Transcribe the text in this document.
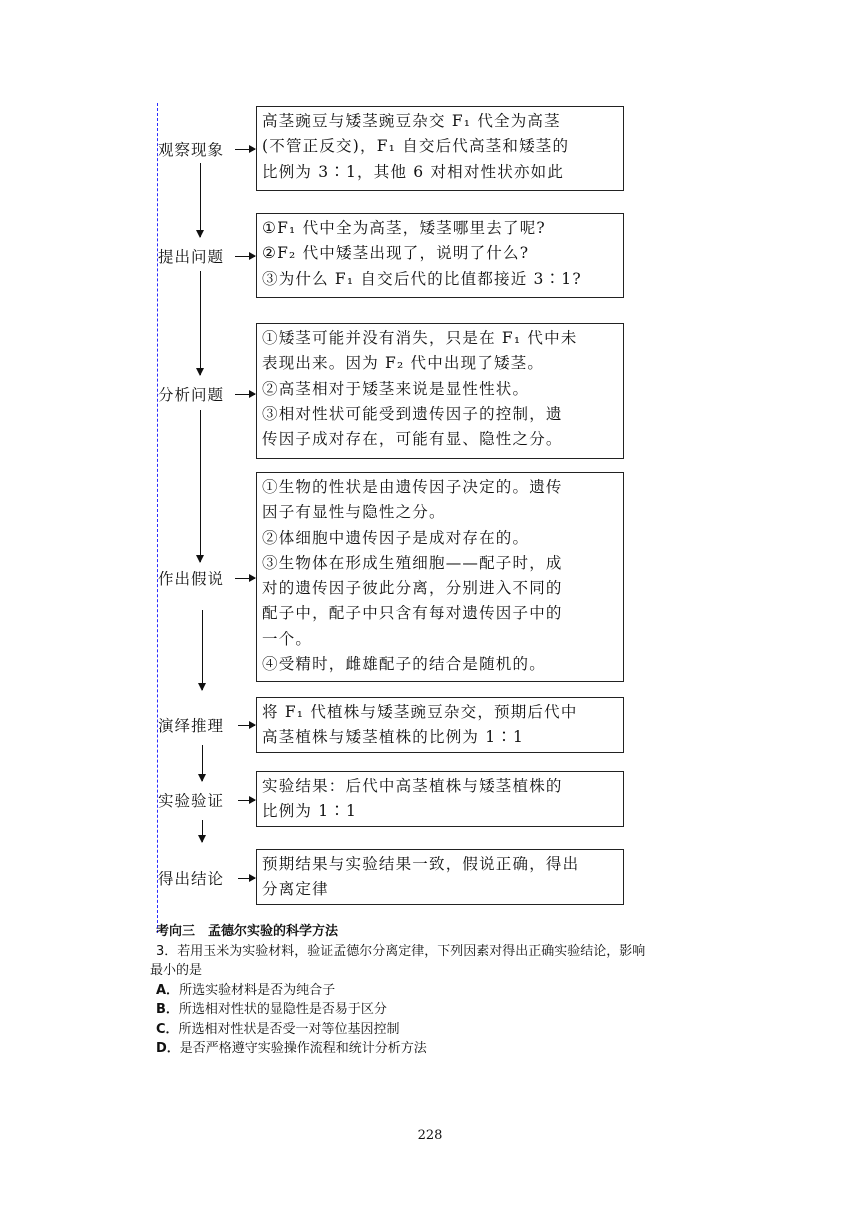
观察现象
提出问题
分析问题
作出假说
演绎推理
实验验证
得出结论

高茎豌豆与矮茎豌豆杂交 F₁ 代全为高茎

(不管正反交)，F₁ 自交后代高茎和矮茎的

比例为 3∶1，其他 6 对相对性状亦如此

①F₁ 代中全为高茎，矮茎哪里去了呢?

②F₂ 代中矮茎出现了，说明了什么?

③为什么 F₁ 自交后代的比值都接近 3∶1?

①矮茎可能并没有消失，只是在 F₁ 代中未

表现出来。因为 F₂ 代中出现了矮茎。

②高茎相对于矮茎来说是显性性状。

③相对性状可能受到遗传因子的控制，遗

传因子成对存在，可能有显、隐性之分。

①生物的性状是由遗传因子决定的。遗传

因子有显性与隐性之分。

②体细胞中遗传因子是成对存在的。

③生物体在形成生殖细胞——配子时，成

对的遗传因子彼此分离，分别进入不同的

配子中，配子中只含有每对遗传因子中的

一个。

④受精时，雌雄配子的结合是随机的。

将 F₁ 代植株与矮茎豌豆杂交，预期后代中

高茎植株与矮茎植株的比例为 1∶1

实验结果：后代中高茎植株与矮茎植株的

比例为 1∶1

预期结果与实验结果一致，假说正确，得出

分离定律

考向三　孟德尔实验的科学方法
3．若用玉米为实验材料，验证孟德尔分离定律，下列因素对得出正确实验结论，影响
最小的是
A．所选实验材料是否为纯合子
B．所选相对性状的显隐性是否易于区分
C．所选相对性状是否受一对等位基因控制
D．是否严格遵守实验操作流程和统计分析方法
228
